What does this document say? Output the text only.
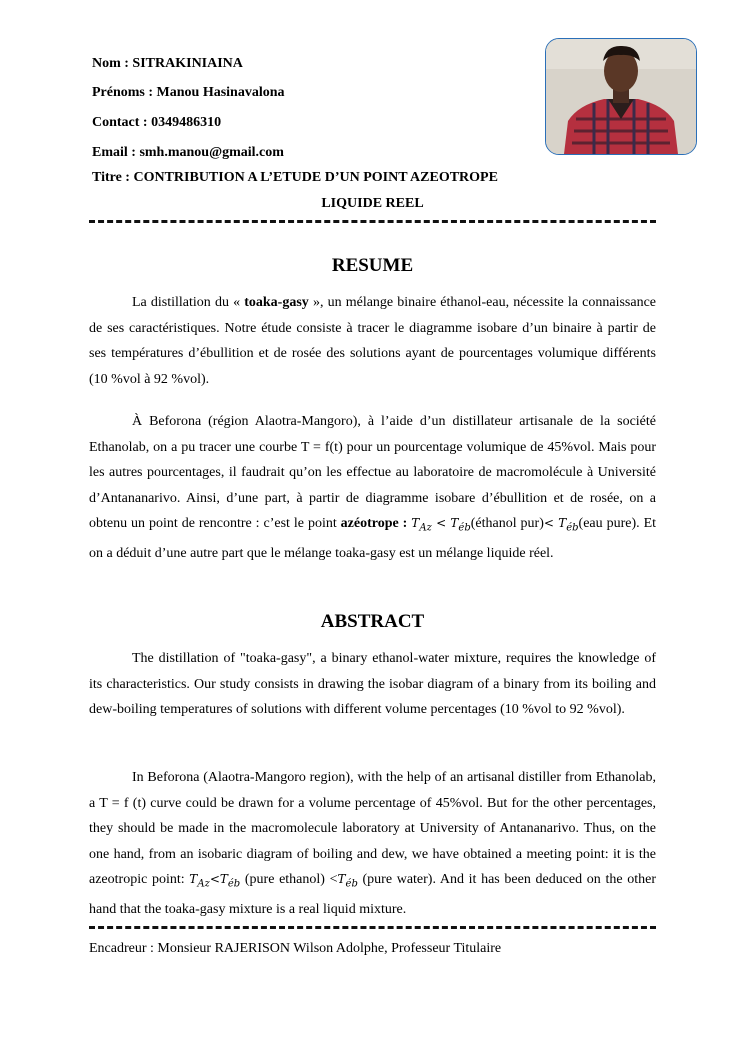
Nom : SITRAKINIAINA
Prénoms : Manou Hasinavalona
Contact : 0349486310
Email : smh.manou@gmail.com
Titre : CONTRIBUTION A L’ETUDE D’UN POINT AZEOTROPE
LIQUIDE REEL
RESUME

La distillation du « toaka-gasy », un mélange binaire éthanol-eau, nécessite la connaissance de ses caractéristiques. Notre étude consiste à tracer le diagramme isobare d’un binaire à partir de ses températures d’ébullition et de rosée des solutions ayant de pourcentages volumique différents (10 %vol à 92 %vol).

À Beforona (région Alaotra-Mangoro), à l’aide d’un distillateur artisanale de la société Ethanolab, on a pu tracer une courbe T = f(t) pour un pourcentage volumique de 45%vol. Mais pour les autres pourcentages, il faudrait qu’on les effectue au laboratoire de macromolécule à Université d’Antananarivo. Ainsi, d’une part, à partir de diagramme isobare d’ébullition et de rosée, on a obtenu un point de rencontre : c’est le point azéotrope : $T_{Az}$ < $T_{éb}(éthanol$ $pur)< T_{éb}(eau$ pure). Et on a déduit d’une autre part que le mélange toaka-gasy est un mélange liquide réel.

ABSTRACT

The distillation of "toaka-gasy", a binary ethanol-water mixture, requires the knowledge of its characteristics. Our study consists in drawing the isobar diagram of a binary from its boiling and dew-boiling temperatures of solutions with different volume percentages (10 %vol to 92 %vol).

In Beforona (Alaotra-Mangoro region), with the help of an artisanal distiller from Ethanolab, a T = f (t) curve could be drawn for a volume percentage of 45%vol. But for the other percentages, they should be made in the macromolecule laboratory at University of Antananarivo. Thus, on the one hand, from an isobaric diagram of boiling and dew, we have obtained a meeting point: it is the azeotropic point: $T_{Az}<T_{éb}$ (pure ethanol) $<T_{éb}$ (pure water). And it has been deduced on the other hand that the toaka-gasy mixture is a real liquid mixture.

Encadreur : Monsieur RAJERISON Wilson Adolphe, Professeur Titulaire
